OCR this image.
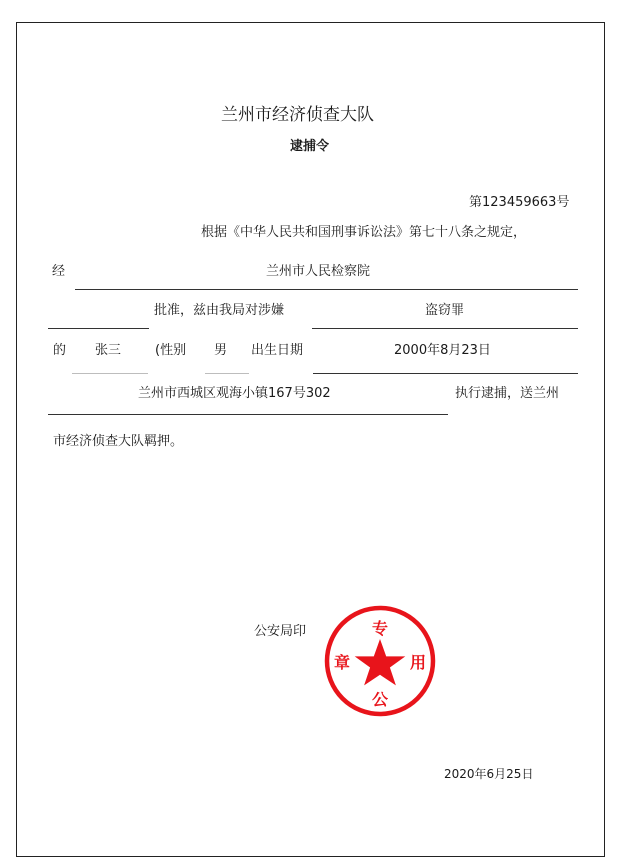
兰州市经济侦查大队
逮捕令
第123459663号
根据《中华人民共和国刑事诉讼法》第七十八条之规定，
经	兰州市人民检察院
批准，兹由我局对涉嫌	盗窃罪
的 张三	(性别 男 出生日期	2000年8月23日
兰州市西城区观海小镇167号302	执行逮捕，送兰州
市经济侦查大队羁押。
公安局印	专
用
章
公
2020年6月25日
